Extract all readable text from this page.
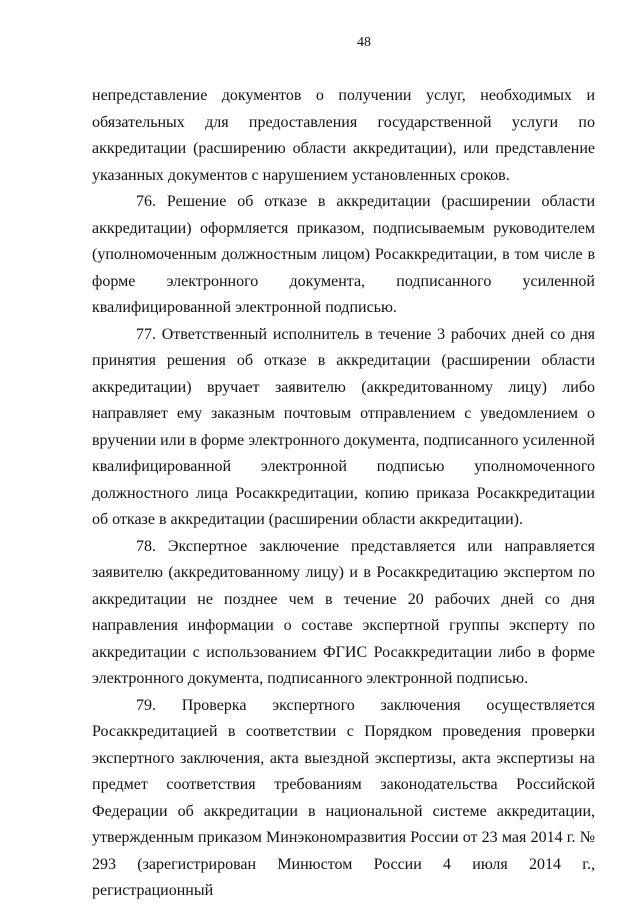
48

непредставление документов о получении услуг, необходимых и обязательных для предоставления государственной услуги по аккредитации (расширению области аккредитации), или представление указанных документов с нарушением установленных сроков.

76. Решение об отказе в аккредитации (расширении области аккредитации) оформляется приказом, подписываемым руководителем (уполномоченным должностным лицом) Росаккредитации, в том числе в форме электронного документа, подписанного усиленной квалифицированной электронной подписью.

77. Ответственный исполнитель в течение 3 рабочих дней со дня принятия решения об отказе в аккредитации (расширении области аккредитации) вручает заявителю (аккредитованному лицу) либо направляет ему заказным почтовым отправлением с уведомлением о вручении или в форме электронного документа, подписанного усиленной квалифицированной электронной подписью уполномоченного должностного лица Росаккредитации, копию приказа Росаккредитации об отказе в аккредитации (расширении области аккредитации).

78. Экспертное заключение представляется или направляется заявителю (аккредитованному лицу) и в Росаккредитацию экспертом по аккредитации не позднее чем в течение 20 рабочих дней со дня направления информации о составе экспертной группы эксперту по аккредитации с использованием ФГИС Росаккредитации либо в форме электронного документа, подписанного электронной подписью.

79. Проверка экспертного заключения осуществляется Росаккредитацией в соответствии с Порядком проведения проверки экспертного заключения, акта выездной экспертизы, акта экспертизы на предмет соответствия требованиям законодательства Российской Федерации об аккредитации в национальной системе аккредитации, утвержденным приказом Минэкономразвития России от 23 мая 2014 г. № 293 (зарегистрирован Минюстом России 4 июля 2014 г., регистрационный
